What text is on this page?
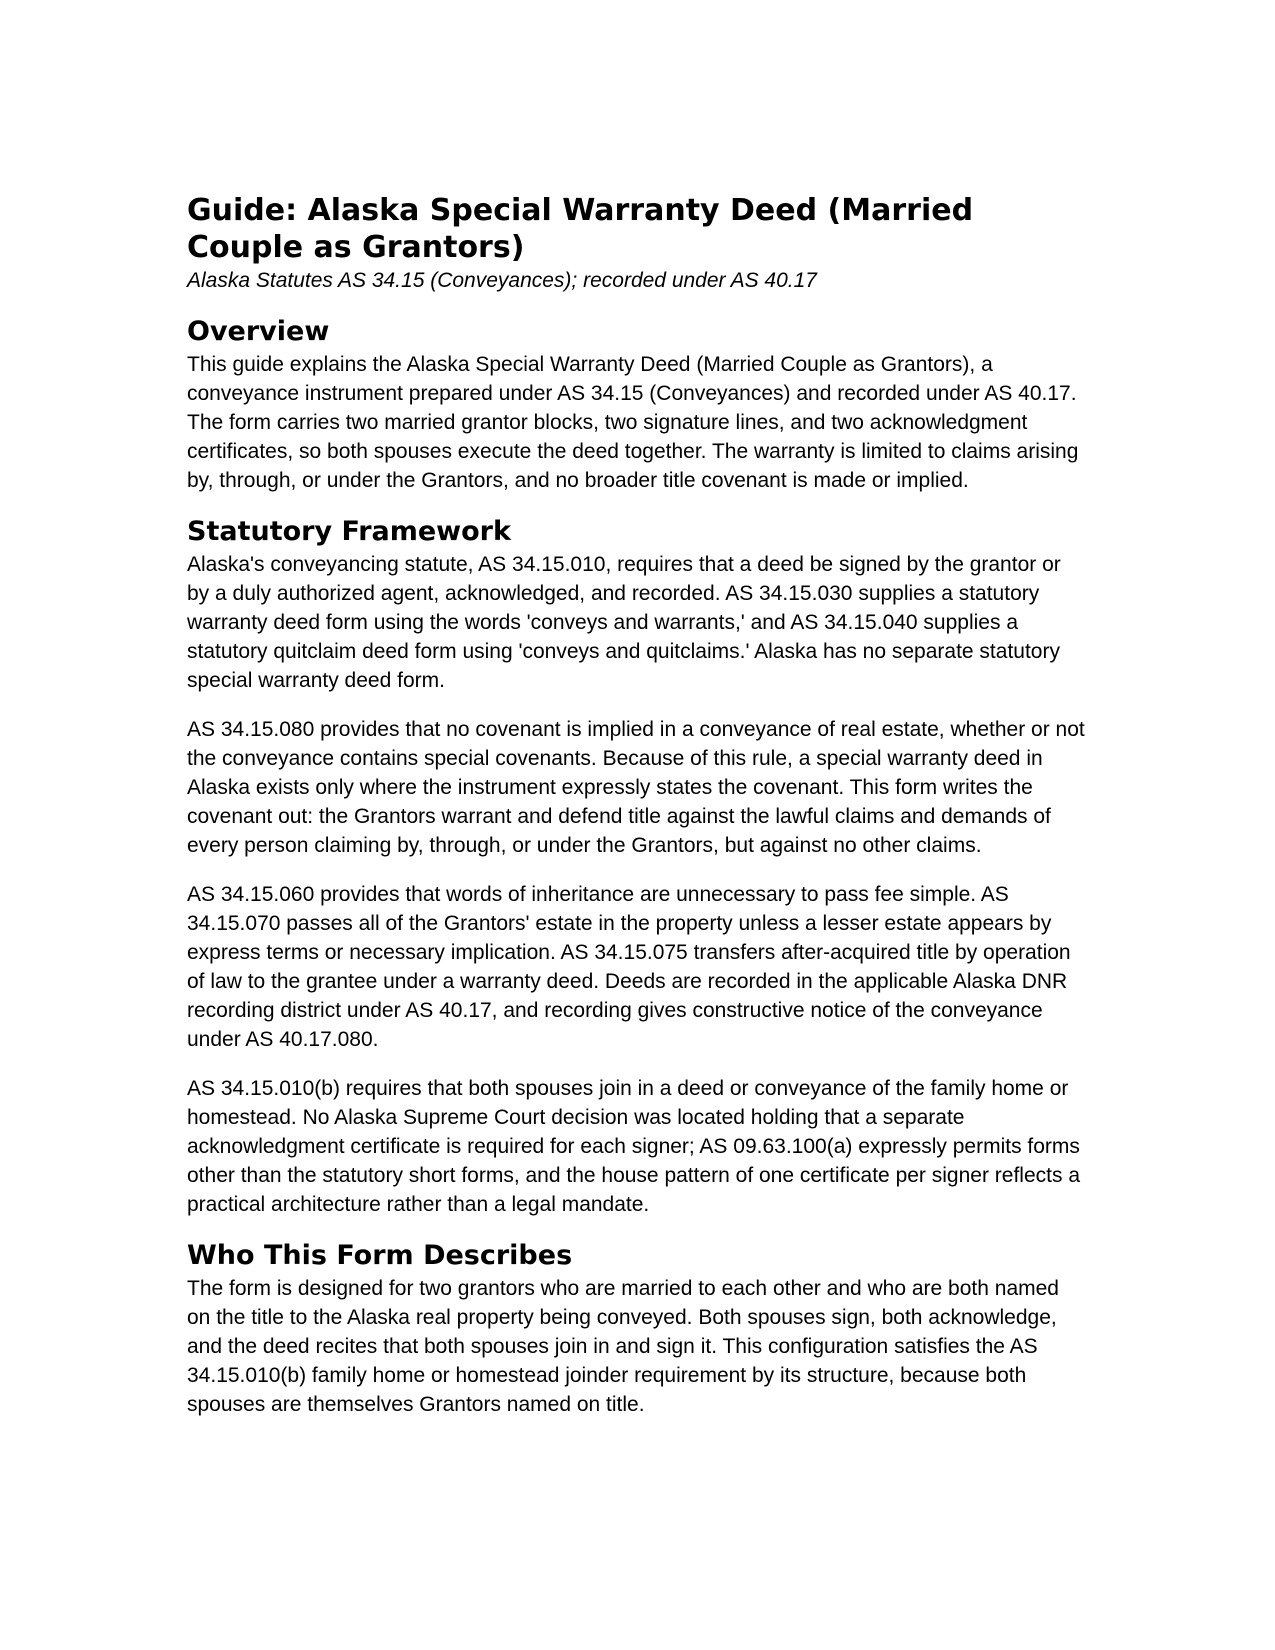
Guide: Alaska Special Warranty Deed (Married Couple as Grantors)
Alaska Statutes AS 34.15 (Conveyances); recorded under AS 40.17
Overview

This guide explains the Alaska Special Warranty Deed (Married Couple as Grantors), a conveyance instrument prepared under AS 34.15 (Conveyances) and recorded under AS 40.17. The form carries two married grantor blocks, two signature lines, and two acknowledgment certificates, so both spouses execute the deed together. The warranty is limited to claims arising by, through, or under the Grantors, and no broader title covenant is made or implied.

Statutory Framework

Alaska's conveyancing statute, AS 34.15.010, requires that a deed be signed by the grantor or by a duly authorized agent, acknowledged, and recorded. AS 34.15.030 supplies a statutory warranty deed form using the words 'conveys and warrants,' and AS 34.15.040 supplies a statutory quitclaim deed form using 'conveys and quitclaims.' Alaska has no separate statutory special warranty deed form.

AS 34.15.080 provides that no covenant is implied in a conveyance of real estate, whether or not the conveyance contains special covenants. Because of this rule, a special warranty deed in Alaska exists only where the instrument expressly states the covenant. This form writes the covenant out: the Grantors warrant and defend title against the lawful claims and demands of every person claiming by, through, or under the Grantors, but against no other claims.

AS 34.15.060 provides that words of inheritance are unnecessary to pass fee simple. AS 34.15.070 passes all of the Grantors' estate in the property unless a lesser estate appears by express terms or necessary implication. AS 34.15.075 transfers after-acquired title by operation of law to the grantee under a warranty deed. Deeds are recorded in the applicable Alaska DNR recording district under AS 40.17, and recording gives constructive notice of the conveyance under AS 40.17.080.

AS 34.15.010(b) requires that both spouses join in a deed or conveyance of the family home or homestead. No Alaska Supreme Court decision was located holding that a separate acknowledgment certificate is required for each signer; AS 09.63.100(a) expressly permits forms other than the statutory short forms, and the house pattern of one certificate per signer reflects a practical architecture rather than a legal mandate.

Who This Form Describes

The form is designed for two grantors who are married to each other and who are both named on the title to the Alaska real property being conveyed. Both spouses sign, both acknowledge, and the deed recites that both spouses join in and sign it. This configuration satisfies the AS 34.15.010(b) family home or homestead joinder requirement by its structure, because both spouses are themselves Grantors named on title.
